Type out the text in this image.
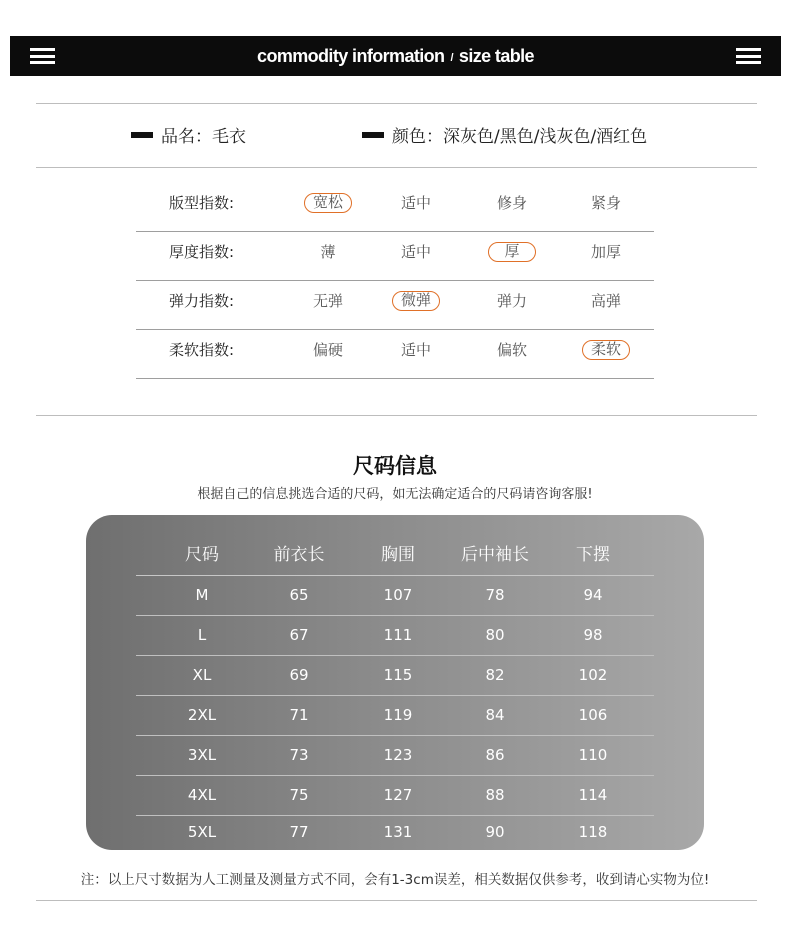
commodity information / size table
品名：毛衣	颜色：深灰色/黑色/浅灰色/酒红色
版型指数:	宽松	适中	修身	紧身
厚度指数:	薄	适中	厚	加厚
弹力指数:	无弹	微弹	弹力	高弹
柔软指数:	偏硬	适中	偏软	柔软
尺码信息
根据自己的信息挑选合适的尺码，如无法确定适合的尺码请咨询客服!
尺码	前衣长	胸围	后中袖长	下摆
M	65	107	78	94
L	67	111	80	98
XL	69	115	82	102
2XL	71	119	84	106
3XL	73	123	86	110
4XL	75	127	88	114
5XL	77	131	90	118
注：以上尺寸数据为人工测量及测量方式不同，会有1-3cm误差，相关数据仅供参考，收到请心实物为位!
